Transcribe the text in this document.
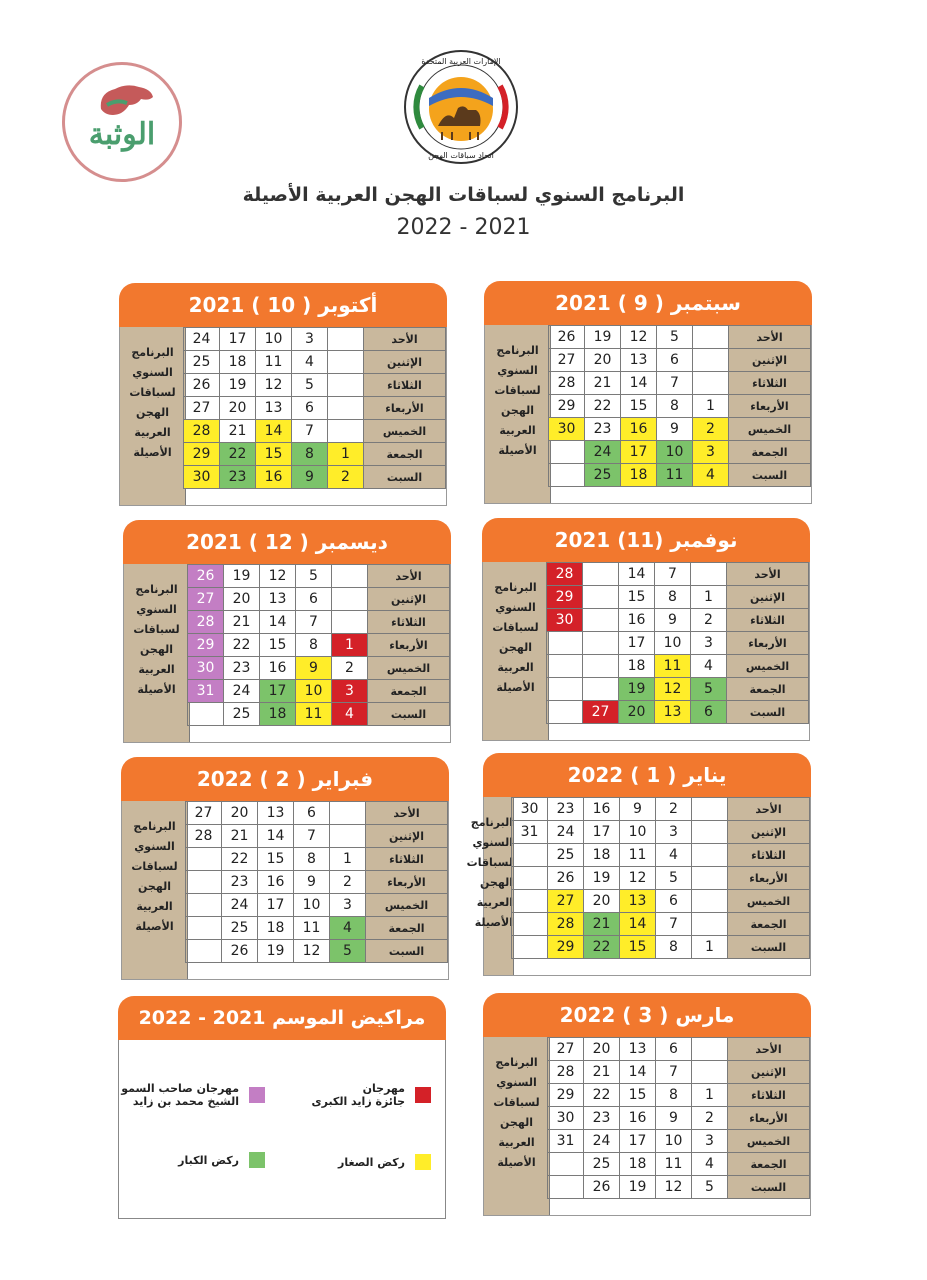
الوثبة
الإمارات العربية المتحدة
اتحاد سباقات الهجن
البرنامج السنوي لسباقات الهجن العربية الأصيلة
2022 - 2021
سبتمبر ( 9 ) 2021
البرنامج
السنوي
لسباقات
الهجن
العربية
الأصيلة
26	19	12	5		الأحد
27	20	13	6		الإثنين
28	21	14	7		الثلاثاء
29	22	15	8	1	الأربعاء
30	23	16	9	2	الخميس
	24	17	10	3	الجمعة
	25	18	11	4	السبت
أكتوبر ( 10 ) 2021
البرنامج
السنوي
لسباقات
الهجن
العربية
الأصيلة
24	17	10	3		الأحد
25	18	11	4		الإثنين
26	19	12	5		الثلاثاء
27	20	13	6		الأربعاء
28	21	14	7		الخميس
29	22	15	8	1	الجمعة
30	23	16	9	2	السبت
نوفمبر (11) 2021
البرنامج
السنوي
لسباقات
الهجن
العربية
الأصيلة
28		14	7		الأحد
29		15	8	1	الإثنين
30		16	9	2	الثلاثاء
		17	10	3	الأربعاء
		18	11	4	الخميس
		19	12	5	الجمعة
	27	20	13	6	السبت
ديسمبر ( 12 ) 2021
البرنامج
السنوي
لسباقات
الهجن
العربية
الأصيلة
26	19	12	5		الأحد
27	20	13	6		الإثنين
28	21	14	7		الثلاثاء
29	22	15	8	1	الأربعاء
30	23	16	9	2	الخميس
31	24	17	10	3	الجمعة
	25	18	11	4	السبت
يناير ( 1 ) 2022
البرنامج
السنوي
لسباقات
الهجن
العربية
الأصيلة
30	23	16	9	2		الأحد
31	24	17	10	3		الإثنين
	25	18	11	4		الثلاثاء
	26	19	12	5		الأربعاء
	27	20	13	6		الخميس
	28	21	14	7		الجمعة
	29	22	15	8	1	السبت
فبراير ( 2 ) 2022
البرنامج
السنوي
لسباقات
الهجن
العربية
الأصيلة
27	20	13	6		الأحد
28	21	14	7		الإثنين
	22	15	8	1	الثلاثاء
	23	16	9	2	الأربعاء
	24	17	10	3	الخميس
	25	18	11	4	الجمعة
	26	19	12	5	السبت
مارس ( 3 ) 2022
البرنامج
السنوي
لسباقات
الهجن
العربية
الأصيلة
27	20	13	6		الأحد
28	21	14	7		الإثنين
29	22	15	8	1	الثلاثاء
30	23	16	9	2	الأربعاء
31	24	17	10	3	الخميس
	25	18	11	4	الجمعة
	26	19	12	5	السبت
مراكيض الموسم 2021 - 2022
مهرجان
جائزة زايد الكبرى
مهرجان صاحب السمو
الشيخ محمد بن زايد
ركض الصغار
ركض الكبار
